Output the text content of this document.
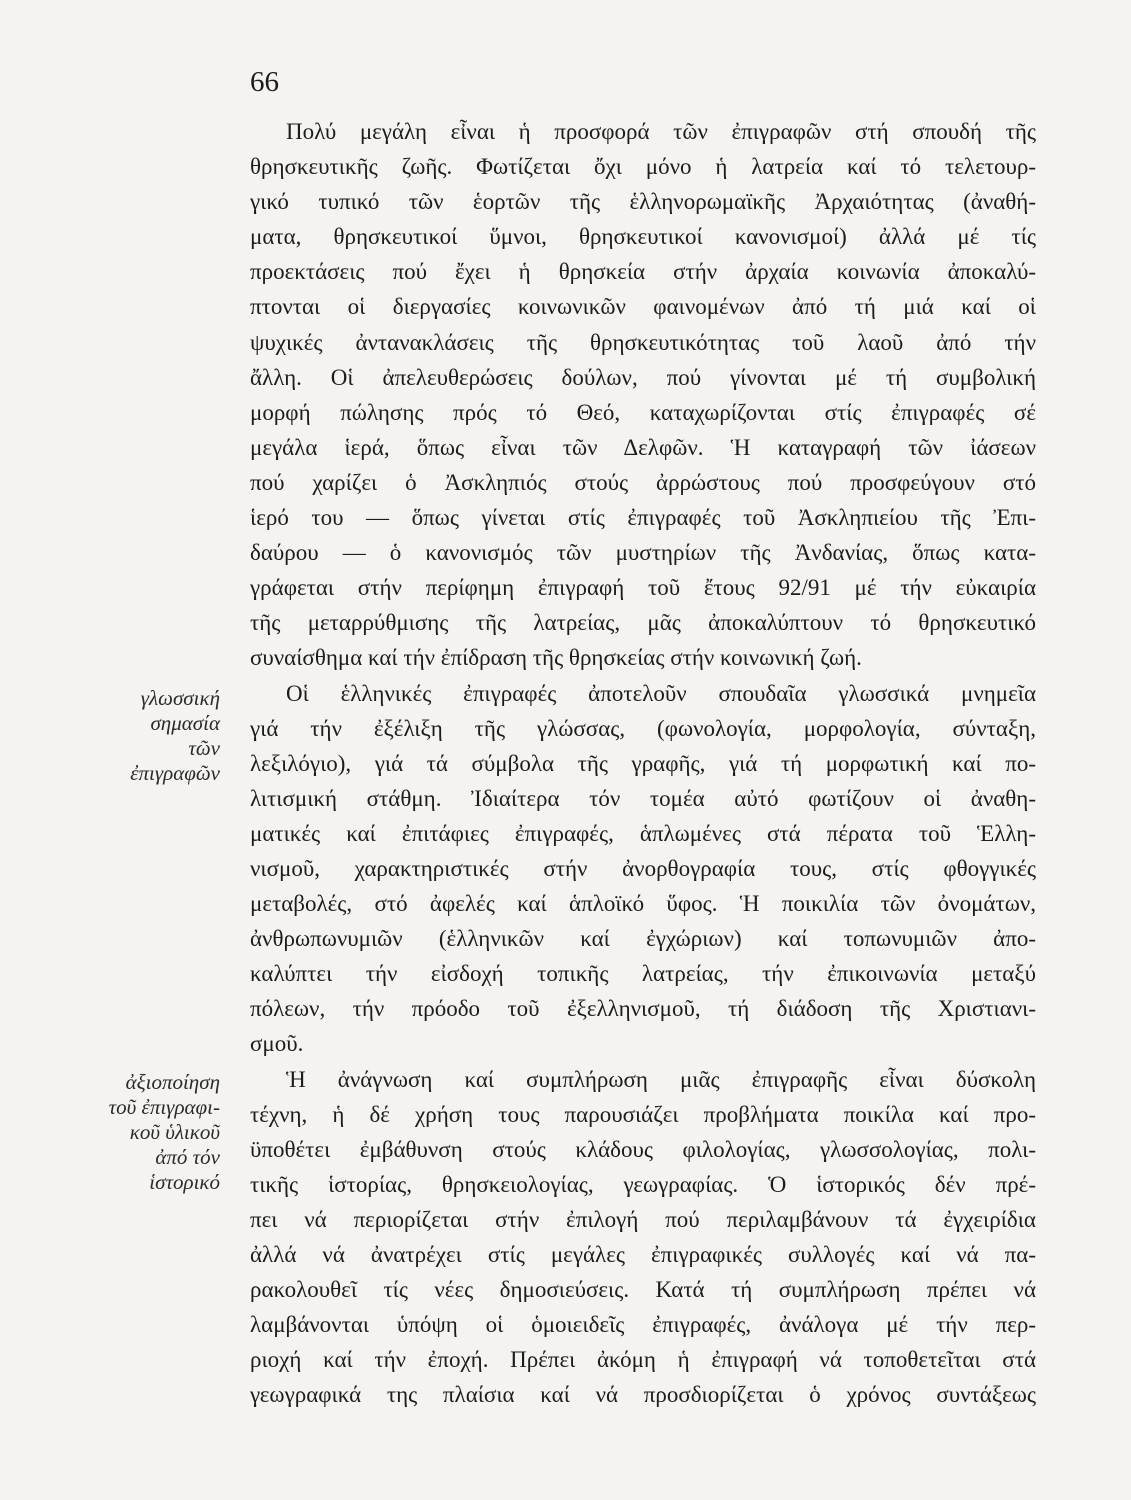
66
γλωσσική
σημασία
τῶν
ἐπιγραφῶν
ἀξιοποίηση
τοῦ ἐπιγραφι-
κοῦ ὑλικοῦ
ἀπό τόν
ἱστορικό
Πολύ μεγάλη εἶναι ἡ προσφορά τῶν ἐπιγραφῶν στή σπουδή τῆς
θρησκευτικῆς ζωῆς. Φωτίζεται ὄχι μόνο ἡ λατρεία καί τό τελετουρ-
γικό τυπικό τῶν ἑορτῶν τῆς ἑλληνορωμαϊκῆς Ἀρχαιότητας (ἀναθή-
ματα, θρησκευτικοί ὕμνοι, θρησκευτικοί κανονισμοί) ἀλλά μέ τίς
προεκτάσεις πού ἔχει ἡ θρησκεία στήν ἀρχαία κοινωνία ἀποκαλύ-
πτονται οἱ διεργασίες κοινωνικῶν φαινομένων ἀπό τή μιά καί οἱ
ψυχικές ἀντανακλάσεις τῆς θρησκευτικότητας τοῦ λαοῦ ἀπό τήν
ἄλλη. Οἱ ἀπελευθερώσεις δούλων, πού γίνονται μέ τή συμβολική
μορφή πώλησης πρός τό Θεό, καταχωρίζονται στίς ἐπιγραφές σέ
μεγάλα ἱερά, ὅπως εἶναι τῶν Δελφῶν. Ἡ καταγραφή τῶν ἰάσεων
πού χαρίζει ὁ Ἀσκληπιός στούς ἀρρώστους πού προσφεύγουν στό
ἱερό του — ὅπως γίνεται στίς ἐπιγραφές τοῦ Ἀσκληπιείου τῆς Ἐπι-
δαύρου — ὁ κανονισμός τῶν μυστηρίων τῆς Ἀνδανίας, ὅπως κατα-
γράφεται στήν περίφημη ἐπιγραφή τοῦ ἔτους 92/91 μέ τήν εὐκαιρία
τῆς μεταρρύθμισης τῆς λατρείας, μᾶς ἀποκαλύπτουν τό θρησκευτικό
συναίσθημα καί τήν ἐπίδραση τῆς θρησκείας στήν κοινωνική ζωή.
Οἱ ἑλληνικές ἐπιγραφές ἀποτελοῦν σπουδαῖα γλωσσικά μνημεῖα
γιά τήν ἐξέλιξη τῆς γλώσσας, (φωνολογία, μορφολογία, σύνταξη,
λεξιλόγιο), γιά τά σύμβολα τῆς γραφῆς, γιά τή μορφωτική καί πο-
λιτισμική στάθμη. Ἰδιαίτερα τόν τομέα αὐτό φωτίζουν οἱ ἀναθη-
ματικές καί ἐπιτάφιες ἐπιγραφές, ἁπλωμένες στά πέρατα τοῦ Ἑλλη-
νισμοῦ, χαρακτηριστικές στήν ἀνορθογραφία τους, στίς φθογγικές
μεταβολές, στό ἀφελές καί ἁπλοϊκό ὕφος. Ἡ ποικιλία τῶν ὀνομάτων,
ἀνθρωπωνυμιῶν (ἑλληνικῶν καί ἐγχώριων) καί τοπωνυμιῶν ἀπο-
καλύπτει τήν εἰσδοχή τοπικῆς λατρείας, τήν ἐπικοινωνία μεταξύ
πόλεων, τήν πρόοδο τοῦ ἐξελληνισμοῦ, τή διάδοση τῆς Χριστιανι-
σμοῦ.
Ἡ ἀνάγνωση καί συμπλήρωση μιᾶς ἐπιγραφῆς εἶναι δύσκολη
τέχνη, ἡ δέ χρήση τους παρουσιάζει προβλήματα ποικίλα καί προ-
ϋποθέτει ἐμβάθυνση στούς κλάδους φιλολογίας, γλωσσολογίας, πολι-
τικῆς ἱστορίας, θρησκειολογίας, γεωγραφίας. Ὁ ἱστορικός δέν πρέ-
πει νά περιορίζεται στήν ἐπιλογή πού περιλαμβάνουν τά ἐγχειρίδια
ἀλλά νά ἀνατρέχει στίς μεγάλες ἐπιγραφικές συλλογές καί νά πα-
ρακολουθεῖ τίς νέες δημοσιεύσεις. Κατά τή συμπλήρωση πρέπει νά
λαμβάνονται ὑπόψη οἱ ὁμοιειδεῖς ἐπιγραφές, ἀνάλογα μέ τήν περ-
ριοχή καί τήν ἐποχή. Πρέπει ἀκόμη ἡ ἐπιγραφή νά τοποθετεῖται στά
γεωγραφικά της πλαίσια καί νά προσδιορίζεται ὁ χρόνος συντάξεως
